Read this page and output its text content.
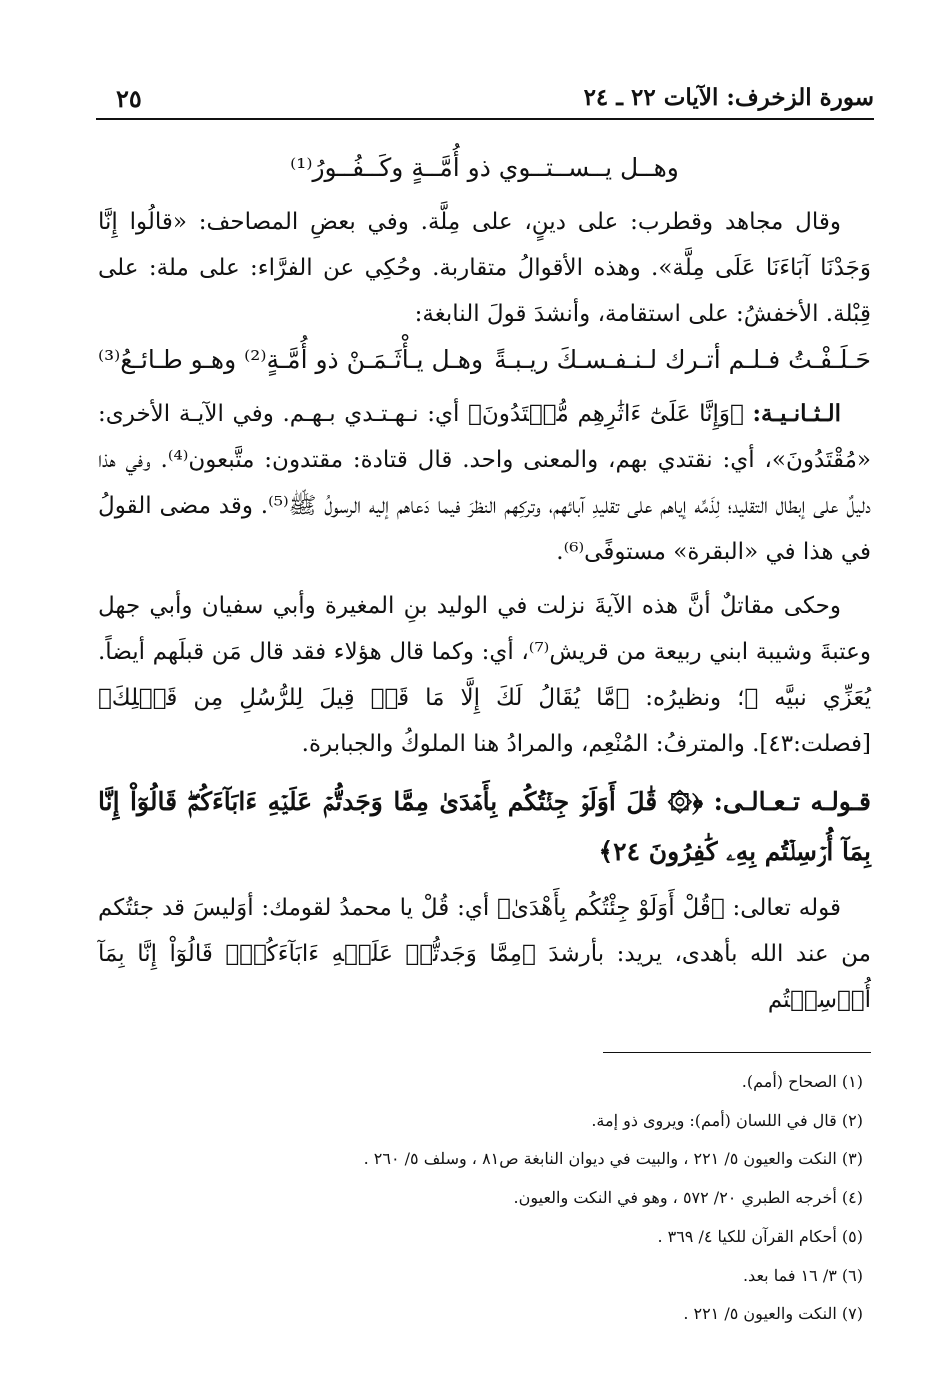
سورة الزخرف: الآيات ٢٢ ـ ٢٤
٢٥
وهــل يــســتــوي ذو أُمَّــةٍ وكَــفُــورُ⁽¹⁾

وقال مجاهد وقطرب: على دينٍ، على مِلَّة. وفي بعضِ المصاحف: «قالُوا إِنَّا وَجَدْنَا آبَاءَنَا عَلَى مِلَّة». وهذه الأقوالُ متقاربة. وحُكِي عن الفرَّاء: على ملة: على قِبْلة. الأخفشُ: على استقامة، وأنشدَ قولَ النابغة:

حَـلَـفْـتُ فـلـم أتـرك لـنـفـسـكَ ريـبـةً
وهـل يـأْثَـمَـنْ ذو أُمَّـةٍ⁽²⁾ وهـو طـائـعُ⁽³⁾

الـثـانـيـة: ﴿وَإِنَّا عَلَىٰٓ ءَاثَٰرِهِم مُّهۡتَدُونَ﴾ أي: نـهـتـدي بـهـم. وفي الآيـة الأخرى: «مُقْتَدُونَ»، أي: نقتدي بهم، والمعنى واحد. قال قتادة: مقتدون: متَّبعون⁽⁴⁾. وفي هذا دليلٌ على إبطال التقليد؛ لِذَمِّه إياهم على تقليدِ آبائهم، وتركِهم النظرَ فيما دَعاهم إليه الرسولُ ﷺ⁽⁵⁾. وقد مضى القولُ في هذا في «البقرة» مستوفًى⁽⁶⁾.

وحكى مقاتلٌ أنَّ هذه الآيةَ نزلت في الوليد بنِ المغيرة وأبي سفيان وأبي جهل وعتبةَ وشيبة ابني ربيعة من قريش⁽⁷⁾، أي: وكما قال هؤلاء فقد قال مَن قبلَهم أيضاً. يُعَزِّي نبيَّه ﷺ؛ ونظيرُه: ﴿مَّا يُقَالُ لَكَ إِلَّا مَا قَدۡ قِيلَ لِلرُّسُلِ مِن قَبۡلِكَ﴾ [فصلت:٤٣]. والمترفُ: المُنْعِم، والمرادُ هنا الملوكُ والجبابرة.

قـولـه تـعـالـى: ﴿۞ قَٰلَ أَوَلَوۡ جِئۡتُكُم بِأَهۡدَىٰ مِمَّا وَجَدتُّمۡ عَلَيۡهِ ءَابَآءَكُمۡۖ قَالُوٓاْ إِنَّا بِمَآ أُرۡسِلۡتُم بِهِۦ كَٰفِرُونَ ٢٤﴾

قوله تعالى: ﴿قُلْ أَوَلَوْ جِئْتُكُم بِأَهْدَىٰ﴾ أي: قُلْ يا محمدُ لقومك: أوَليسَ قد جئتُكم من عند الله بأهدى، يريد: بأرشدَ ﴿مِمَّا وَجَدتُّمۡ عَلَيۡهِ ءَابَآءَكُمۡۖ قَالُوٓاْ إِنَّا بِمَآ أُرۡسِلۡتُم

(١) الصحاح (أمم).
(٢) قال في اللسان (أمم): ويروى ذو إمة.
(٣) النكت والعيون ٥/ ٢٢١ ، والبيت في ديوان النابغة ص٨١ ، وسلف ٥/ ٢٦٠ .
(٤) أخرجه الطبري ٢٠/ ٥٧٢ ، وهو في النكت والعيون.
(٥) أحكام القرآن للكيا ٤/ ٣٦٩ .
(٦) ٣/ ١٦ فما بعد.
(٧) النكت والعيون ٥/ ٢٢١ .
